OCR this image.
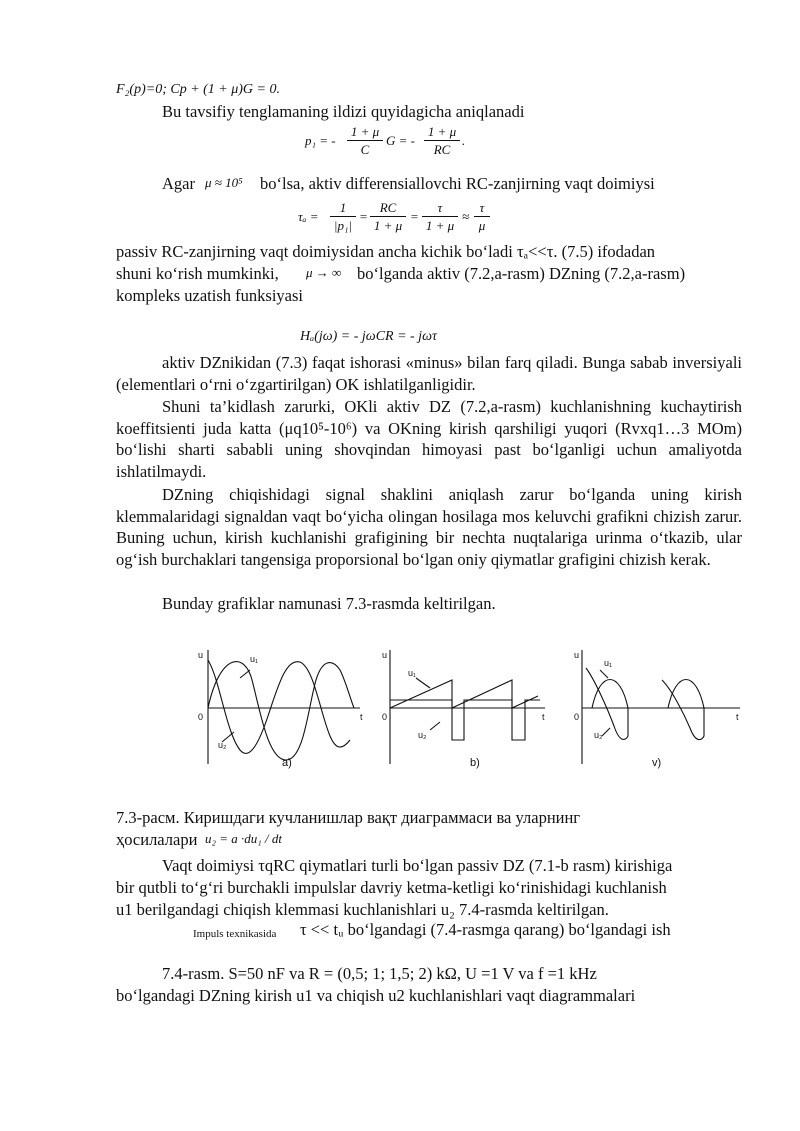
F₂(p)=0; Cp + (1 + μ)G = 0.
Bu tavsifiy tenglamaning ildizi quyidagicha aniqlanadi
p₁ = - $\frac{1 + \mu}{C}$ G = - $\frac{1 + \mu}{RC}$ .
Agar μ ≈ 10⁵ bo‘lsa, aktiv differensiallovchi RC-zanjirning vaqt doimiysi
$\tau_a = \frac{1}{\text{|p₁|}} = \frac{RC}{1 + \mu} = \frac{\tau}{1 + \mu} \approx \frac{\tau}{\mu}$
passiv RC-zanjirning vaqt doimiysidan ancha kichik bo‘ladi τₐ<<τ. (7.5) ifodadan
shuni ko‘rish mumkinki, μ → ∞ bo‘lganda aktiv (7.2,a-rasm) DZning (7.2,a-rasm)
kompleks uzatish funksiyasi
Hₐ(jω) = - jωCR = - jωτ
aktiv DZnikidan (7.3) faqat ishorasi «minus» bilan farq qiladi. Bunga sabab inversiyali (elementlari o‘rni o‘zgartirilgan) OK ishlatilganligidir.
Shuni ta’kidlash zarurki, OKli aktiv DZ (7.2,a-rasm) kuchlanishning kuchaytirish koeffitsienti juda katta (μq10⁵-10⁶) va OKning kirish qarshiligi yuqori (Rvxq1…3 MOm) bo‘lishi sharti sababli uning shovqindan himoyasi past bo‘lganligi uchun amaliyotda ishlatilmaydi.
DZning chiqishidagi signal shaklini aniqlash zarur bo‘lganda uning kirish klemmalaridagi signaldan vaqt bo‘yicha olingan hosilaga mos keluvchi grafikni chizish zarur. Buning uchun, kirish kuchlanishi grafigining bir nechta nuqtalariga urinma o‘tkazib, ular og‘ish burchaklari tangensiga proporsional bo‘lgan oniy qiymatlar grafigini chizish kerak.
Bunday grafiklar namunasi 7.3-rasmda keltirilgan.
u
t
0
u₁
u₂
u
t
0
u₁
u₂
u
t
0
u₁
u₂
a)	b)	v)
7.3-расм. Киришдаги кучланишлар вақт диаграммаси ва уларнинг
ҳосилалари u₂ = a ·du₁ / dt
Vaqt doimiysi τqRC qiymatlari turli bo‘lgan passiv DZ (7.1-b rasm) kirishiga
bir qutbli to‘g‘ri burchakli impulslar davriy ketma-ketligi ko‘rinishidagi kuchlanish
u1 berilgandagi chiqish klemmasi kuchlanishlari u₂ 7.4-rasmda keltirilgan.
Impuls texnikasida τ << tᵤ bo‘lgandagi (7.4-rasmga qarang) bo‘lgandagi ish
7.4-rasm. S=50 nF va R = (0,5; 1; 1,5; 2) kΩ, U =1 V va f =1 kHz
bo‘lgandagi DZning kirish u1 va chiqish u2 kuchlanishlari vaqt diagrammalari
